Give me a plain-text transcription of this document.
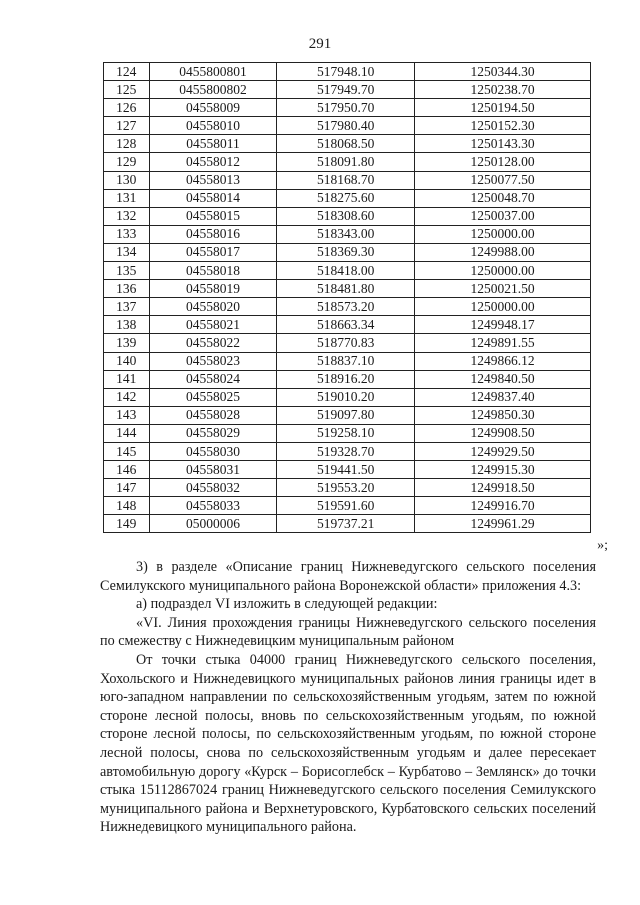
291
124	0455800801	517948.10	1250344.30
125	0455800802	517949.70	1250238.70
126	04558009	517950.70	1250194.50
127	04558010	517980.40	1250152.30
128	04558011	518068.50	1250143.30
129	04558012	518091.80	1250128.00
130	04558013	518168.70	1250077.50
131	04558014	518275.60	1250048.70
132	04558015	518308.60	1250037.00
133	04558016	518343.00	1250000.00
134	04558017	518369.30	1249988.00
135	04558018	518418.00	1250000.00
136	04558019	518481.80	1250021.50
137	04558020	518573.20	1250000.00
138	04558021	518663.34	1249948.17
139	04558022	518770.83	1249891.55
140	04558023	518837.10	1249866.12
141	04558024	518916.20	1249840.50
142	04558025	519010.20	1249837.40
143	04558028	519097.80	1249850.30
144	04558029	519258.10	1249908.50
145	04558030	519328.70	1249929.50
146	04558031	519441.50	1249915.30
147	04558032	519553.20	1249918.50
148	04558033	519591.60	1249916.70
149	05000006	519737.21	1249961.29
»;

3) в разделе «Описание границ Нижневедугского сельского поселения Семилукского муниципального района Воронежской области» приложения 4.3:

а) подраздел VI изложить в следующей редакции:

«VI. Линия прохождения границы Нижневедугского сельского поселения по смежеству с Нижнедевицким муниципальным районом

От точки стыка 04000 границ Нижневедугского сельского поселения, Хохольского и Нижнедевицкого муниципальных районов линия границы идет в юго-западном направлении по сельскохозяйственным угодьям, затем по южной стороне лесной полосы, вновь по сельскохозяйственным угодьям, по южной стороне лесной полосы, по сельскохозяйственным угодьям, по южной стороне лесной полосы, снова по сельскохозяйственным угодьям и далее пересекает автомобильную дорогу «Курск – Борисоглебск – Курбатово – Землянск» до точки стыка 15112867024 границ Нижневедугского сельского поселения Семилукского муниципального района и Верхнетуровского, Курбатовского сельских поселений Нижнедевицкого муниципального района.
